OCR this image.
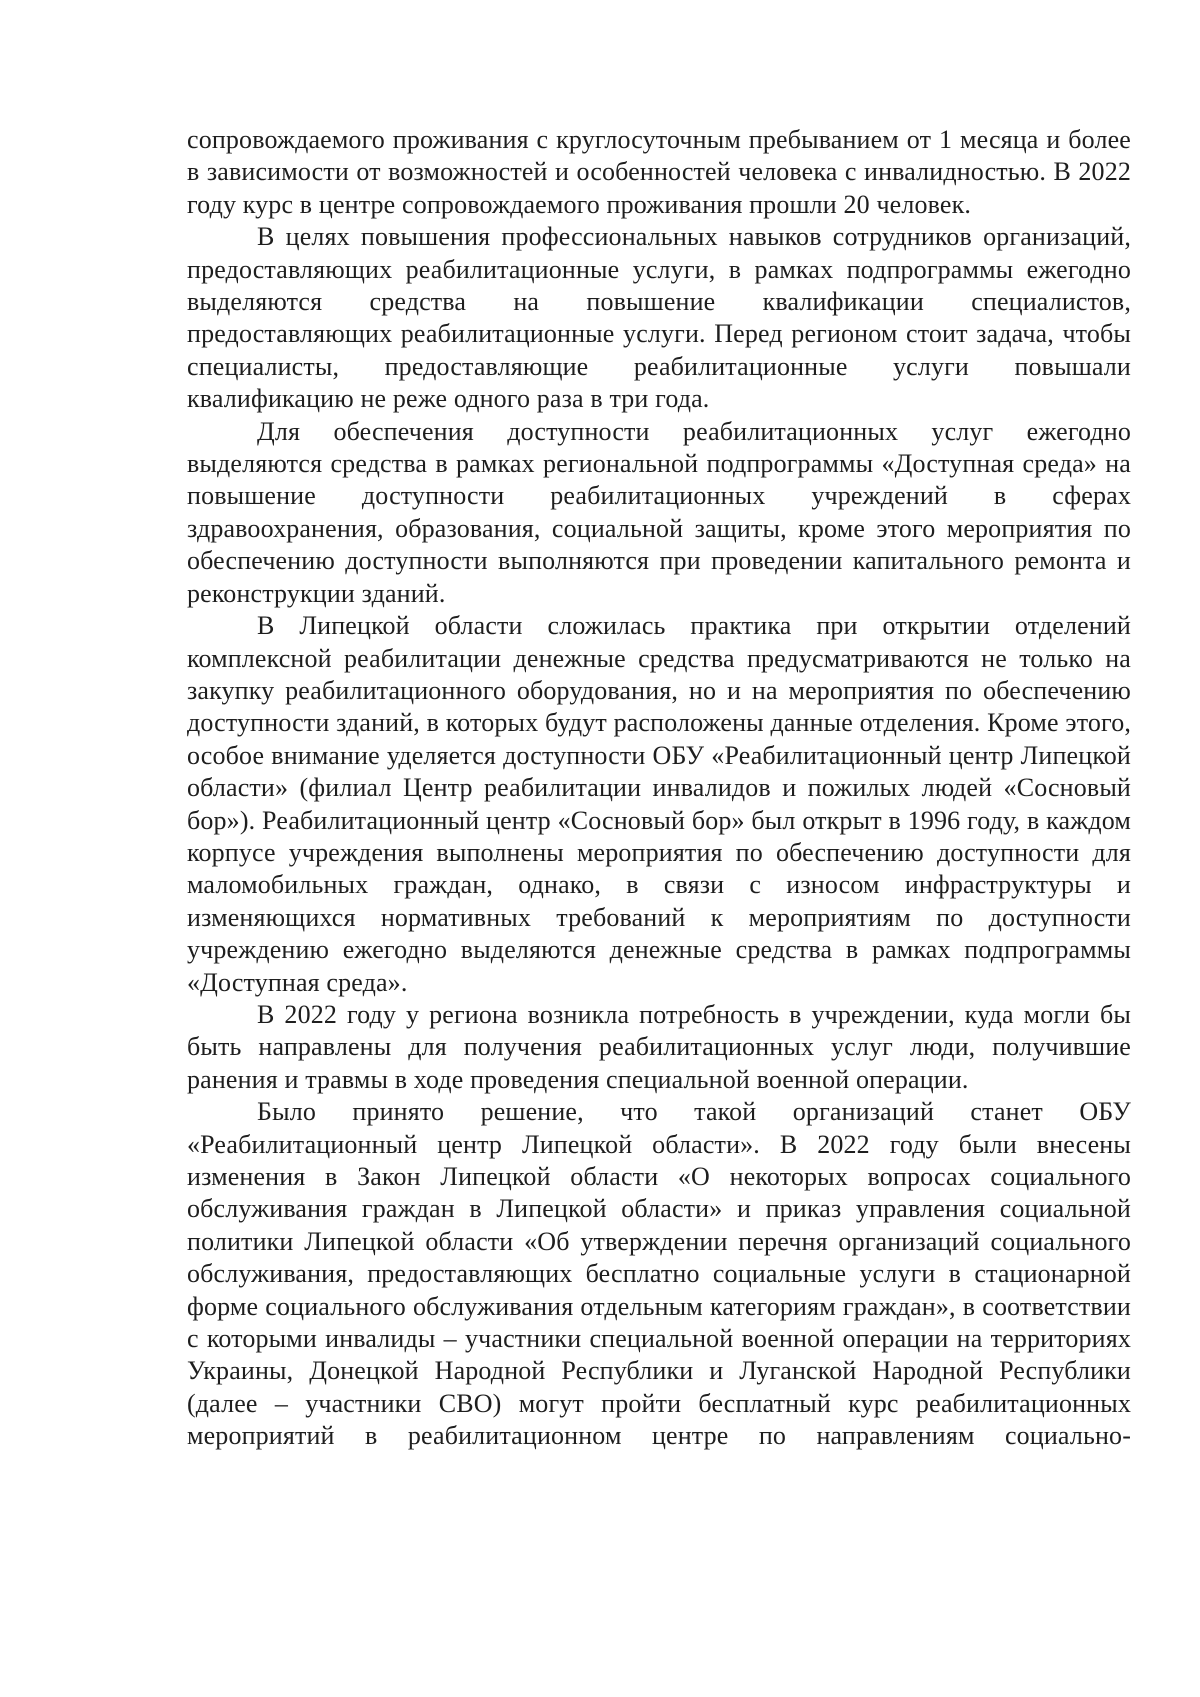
сопровождаемого проживания с круглосуточным пребыванием от 1 месяца и более в зависимости от возможностей и особенностей человека с инвалидностью. В 2022 году курс в центре сопровождаемого проживания прошли 20 человек.

В целях повышения профессиональных навыков сотрудников организаций, предоставляющих реабилитационные услуги, в рамках подпрограммы ежегодно выделяются средства на повышение квалификации специалистов, предоставляющих реабилитационные услуги. Перед регионом стоит задача, чтобы специалисты, предоставляющие реабилитационные услуги повышали квалификацию не реже одного раза в три года.

Для обеспечения доступности реабилитационных услуг ежегодно выделяются средства в рамках региональной подпрограммы «Доступная среда» на повышение доступности реабилитационных учреждений в сферах здравоохранения, образования, социальной защиты, кроме этого мероприятия по обеспечению доступности выполняются при проведении капитального ремонта и реконструкции зданий.

В Липецкой области сложилась практика при открытии отделений комплексной реабилитации денежные средства предусматриваются не только на закупку реабилитационного оборудования, но и на мероприятия по обеспечению доступности зданий, в которых будут расположены данные отделения. Кроме этого, особое внимание уделяется доступности ОБУ «Реабилитационный центр Липецкой области» (филиал Центр реабилитации инвалидов и пожилых людей «Сосновый бор»). Реабилитационный центр «Сосновый бор» был открыт в 1996 году, в каждом корпусе учреждения выполнены мероприятия по обеспечению доступности для маломобильных граждан, однако, в связи с износом инфраструктуры и изменяющихся нормативных требований к мероприятиям по доступности учреждению ежегодно выделяются денежные средства в рамках подпрограммы «Доступная среда».

В 2022 году у региона возникла потребность в учреждении, куда могли бы быть направлены для получения реабилитационных услуг люди, получившие ранения и травмы в ходе проведения специальной военной операции.

Было принято решение, что такой организаций станет ОБУ «Реабилитационный центр Липецкой области». В 2022 году были внесены изменения в Закон Липецкой области «О некоторых вопросах социального обслуживания граждан в Липецкой области» и приказ управления социальной политики Липецкой области «Об утверждении перечня организаций социального обслуживания, предоставляющих бесплатно социальные услуги в стационарной форме социального обслуживания отдельным категориям граждан», в соответствии с которыми инвалиды – участники специальной военной операции на территориях Украины, Донецкой Народной Республики и Луганской Народной Республики (далее – участники СВО) могут пройти бесплатный курс реабилитационных мероприятий в реабилитационном центре по направлениям социально-
